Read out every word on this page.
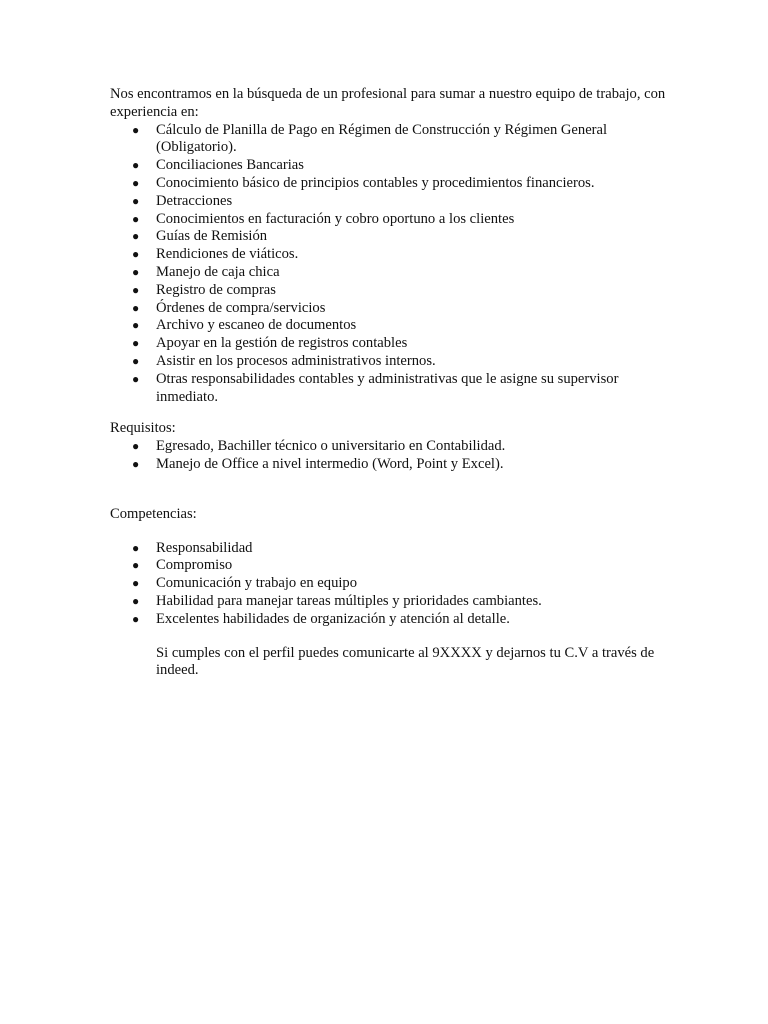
Nos encontramos en la búsqueda de un profesional para sumar a nuestro equipo de trabajo, con experiencia en:

● Cálculo de Planilla de Pago en Régimen de Construcción y Régimen General (Obligatorio).
● Conciliaciones Bancarias
● Conocimiento básico de principios contables y procedimientos financieros.
● Detracciones
● Conocimientos en facturación y cobro oportuno a los clientes
● Guías de Remisión
● Rendiciones de viáticos.
● Manejo de caja chica
● Registro de compras
● Órdenes de compra/servicios
● Archivo y escaneo de documentos
● Apoyar en la gestión de registros contables
● Asistir en los procesos administrativos internos.
● Otras responsabilidades contables y administrativas que le asigne su supervisor inmediato.

Requisitos:

● Egresado, Bachiller técnico o universitario en Contabilidad.
● Manejo de Office a nivel intermedio (Word, Point y Excel).

Competencias:

● Responsabilidad
● Compromiso
● Comunicación y trabajo en equipo
● Habilidad para manejar tareas múltiples y prioridades cambiantes.
● Excelentes habilidades de organización y atención al detalle.

Si cumples con el perfil puedes comunicarte al 9XXXX y dejarnos tu C.V a través de indeed.
